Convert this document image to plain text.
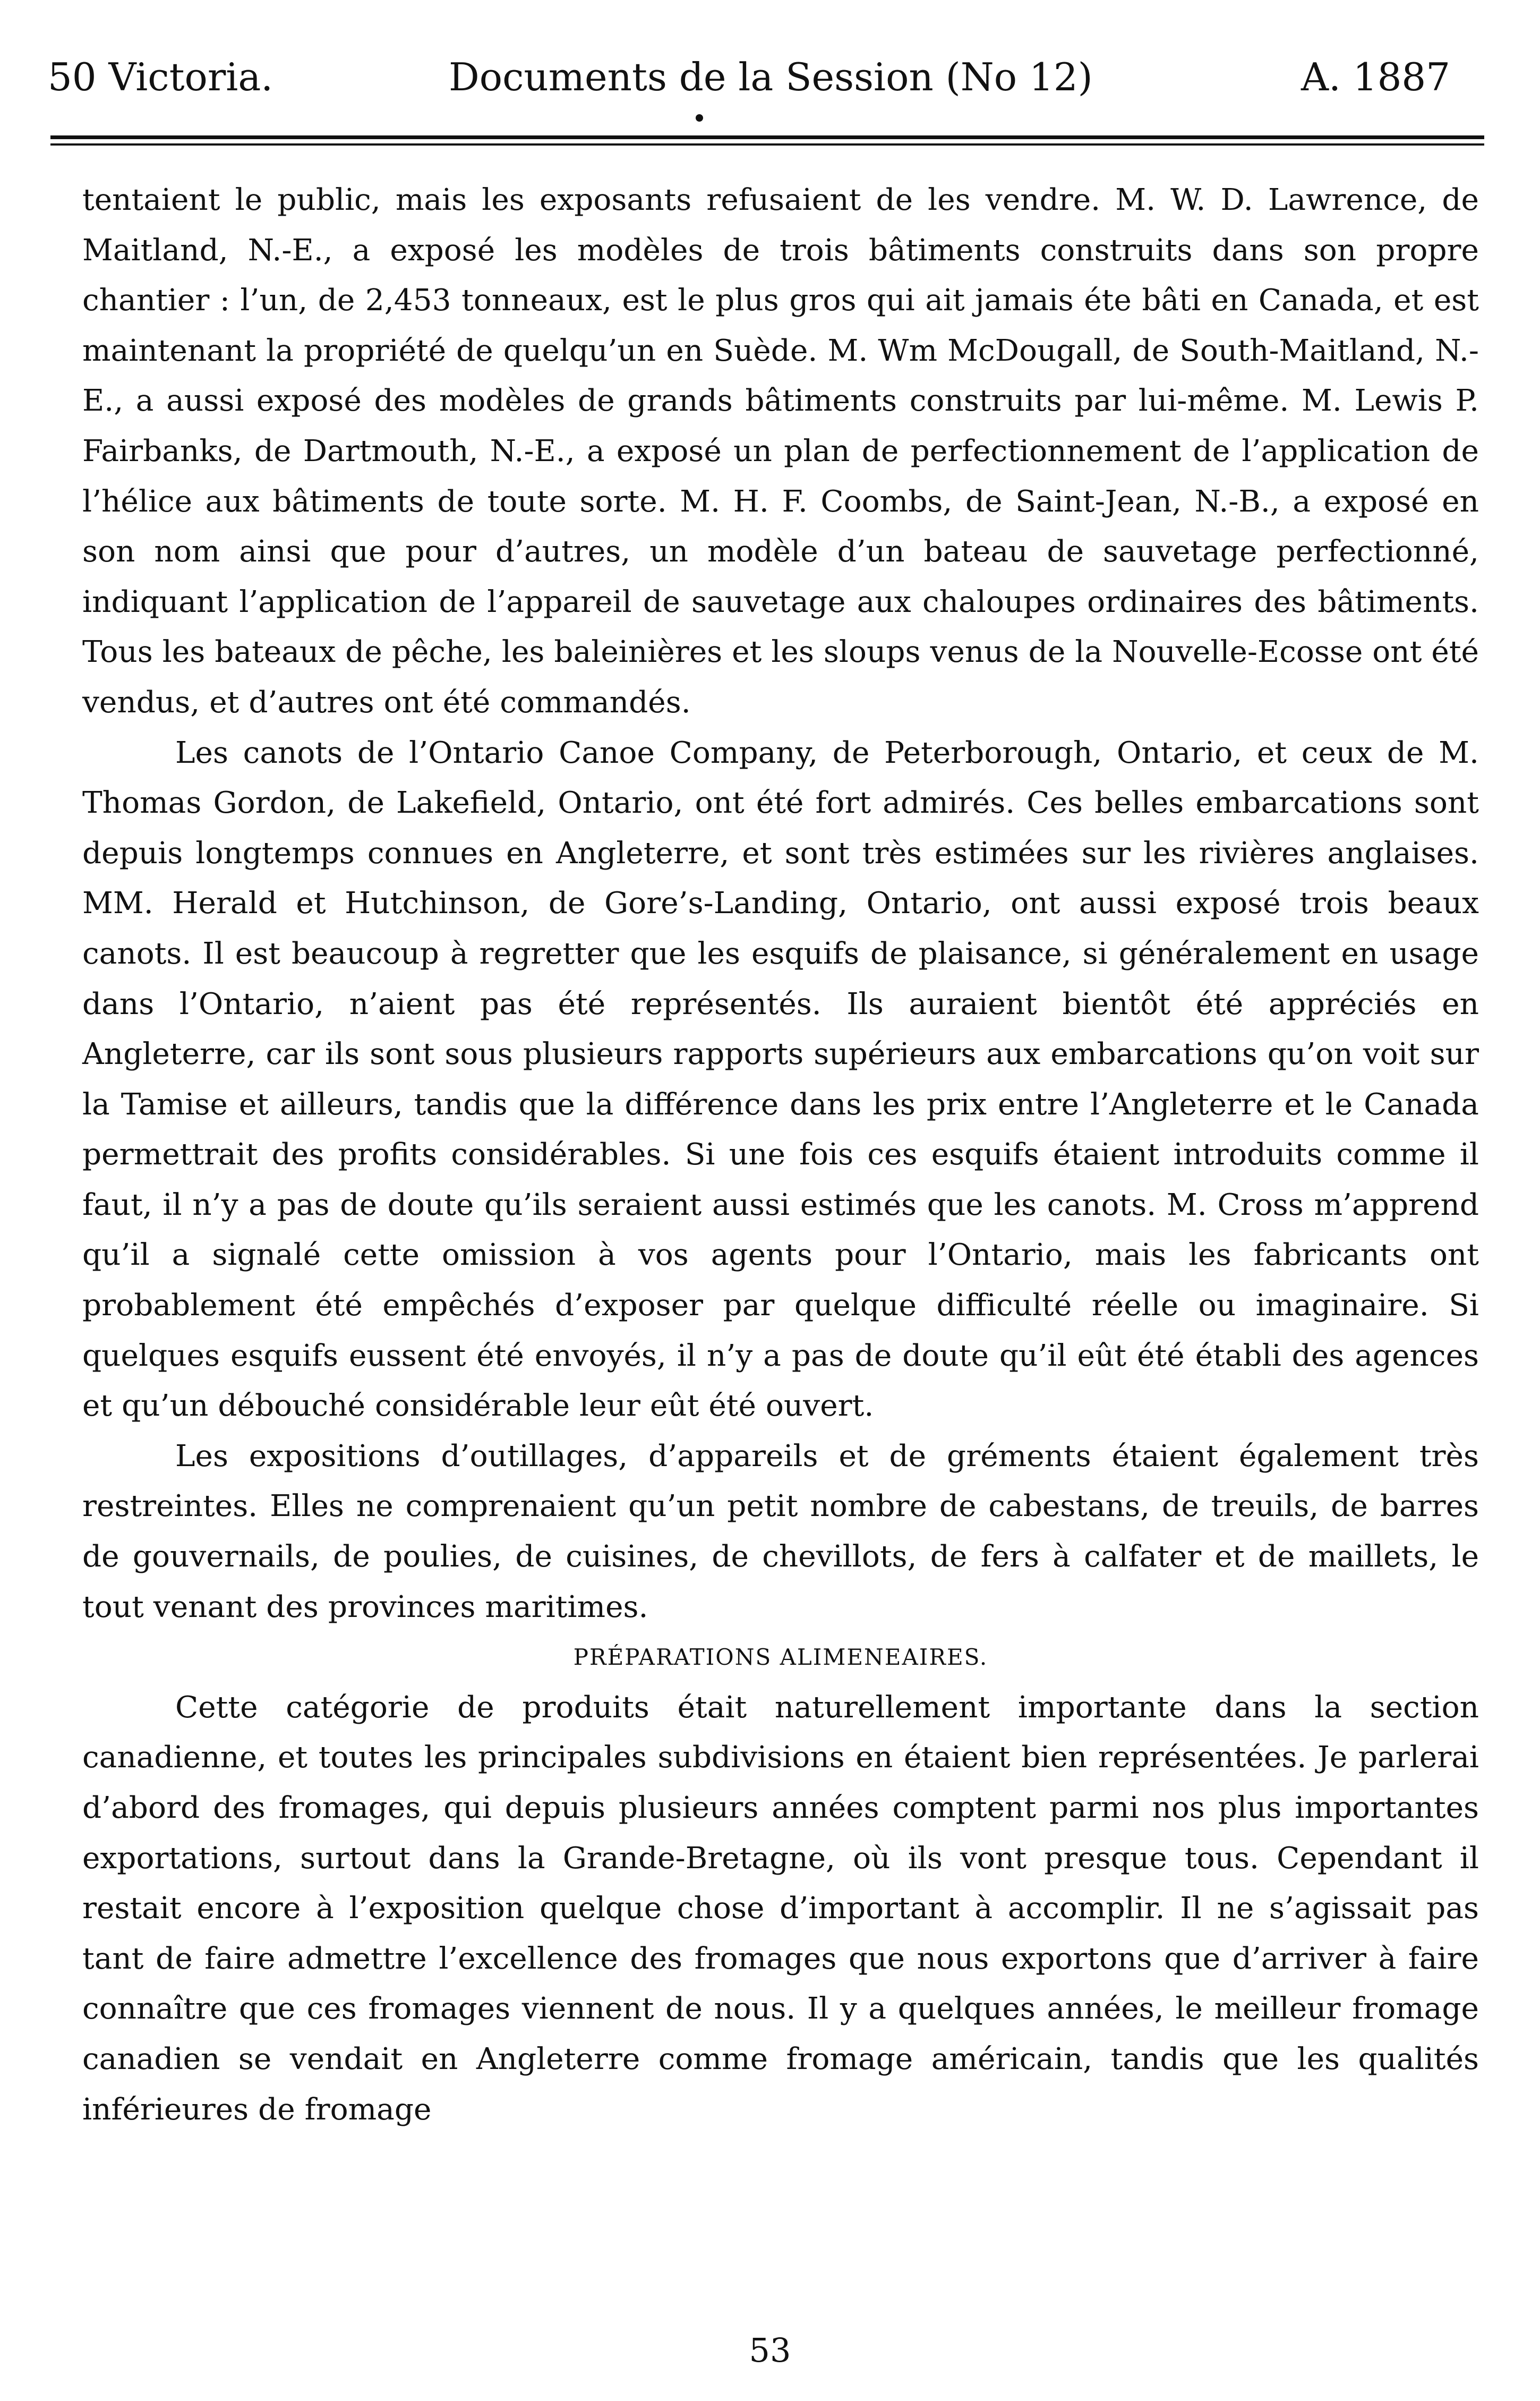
50 Victoria.	Documents de la Session (No 12)	A. 1887

tentaient le public, mais les exposants refusaient de les vendre. M. W. D. Lawrence, de Maitland, N.-E., a exposé les modèles de trois bâtiments construits dans son propre chantier : l’un, de 2,453 tonneaux, est le plus gros qui ait jamais éte bâti en Canada, et est maintenant la propriété de quelqu’un en Suède. M. Wm McDougall, de South-Maitland, N.-E., a aussi exposé des modèles de grands bâtiments construits par lui-même. M. Lewis P. Fairbanks, de Dartmouth, N.-E., a exposé un plan de perfectionnement de l’application de l’hélice aux bâtiments de toute sorte. M. H. F. Coombs, de Saint-Jean, N.-B., a exposé en son nom ainsi que pour d’autres, un modèle d’un bateau de sauvetage perfectionné, indiquant l’application de l’appareil de sauvetage aux chaloupes ordinaires des bâtiments. Tous les bateaux de pêche, les baleinières et les sloups venus de la Nouvelle-Ecosse ont été vendus, et d’autres ont été commandés.

Les canots de l’Ontario Canoe Company, de Peterborough, Ontario, et ceux de M. Thomas Gordon, de Lakefield, Ontario, ont été fort admirés. Ces belles embarcations sont depuis longtemps connues en Angleterre, et sont très estimées sur les rivières anglaises. MM. Herald et Hutchinson, de Gore’s-Landing, Ontario, ont aussi exposé trois beaux canots. Il est beaucoup à regretter que les esquifs de plaisance, si généralement en usage dans l’Ontario, n’aient pas été représentés. Ils auraient bientôt été appréciés en Angleterre, car ils sont sous plusieurs rapports supérieurs aux embarcations qu’on voit sur la Tamise et ailleurs, tandis que la différence dans les prix entre l’Angleterre et le Canada permettrait des profits considérables. Si une fois ces esquifs étaient introduits comme il faut, il n’y a pas de doute qu’ils seraient aussi estimés que les canots. M. Cross m’apprend qu’il a signalé cette omission à vos agents pour l’Ontario, mais les fabricants ont probablement été empêchés d’exposer par quelque difficulté réelle ou imaginaire. Si quelques esquifs eussent été envoyés, il n’y a pas de doute qu’il eût été établi des agences et qu’un débouché considérable leur eût été ouvert.

Les expositions d’outillages, d’appareils et de gréments étaient également très restreintes. Elles ne comprenaient qu’un petit nombre de cabestans, de treuils, de barres de gouvernails, de poulies, de cuisines, de chevillots, de fers à calfater et de maillets, le tout venant des provinces maritimes.

PRÉPARATIONS ALIMENEAIRES.

Cette catégorie de produits était naturellement importante dans la section canadienne, et toutes les principales subdivisions en étaient bien représentées. Je parlerai d’abord des fromages, qui depuis plusieurs années comptent parmi nos plus importantes exportations, surtout dans la Grande-Bretagne, où ils vont presque tous. Cependant il restait encore à l’exposition quelque chose d’important à accomplir. Il ne s’agissait pas tant de faire admettre l’excellence des fromages que nous exportons que d’arriver à faire connaître que ces fromages viennent de nous. Il y a quelques années, le meilleur fromage canadien se vendait en Angleterre comme fromage américain, tandis que les qualités inférieures de fromage

53
